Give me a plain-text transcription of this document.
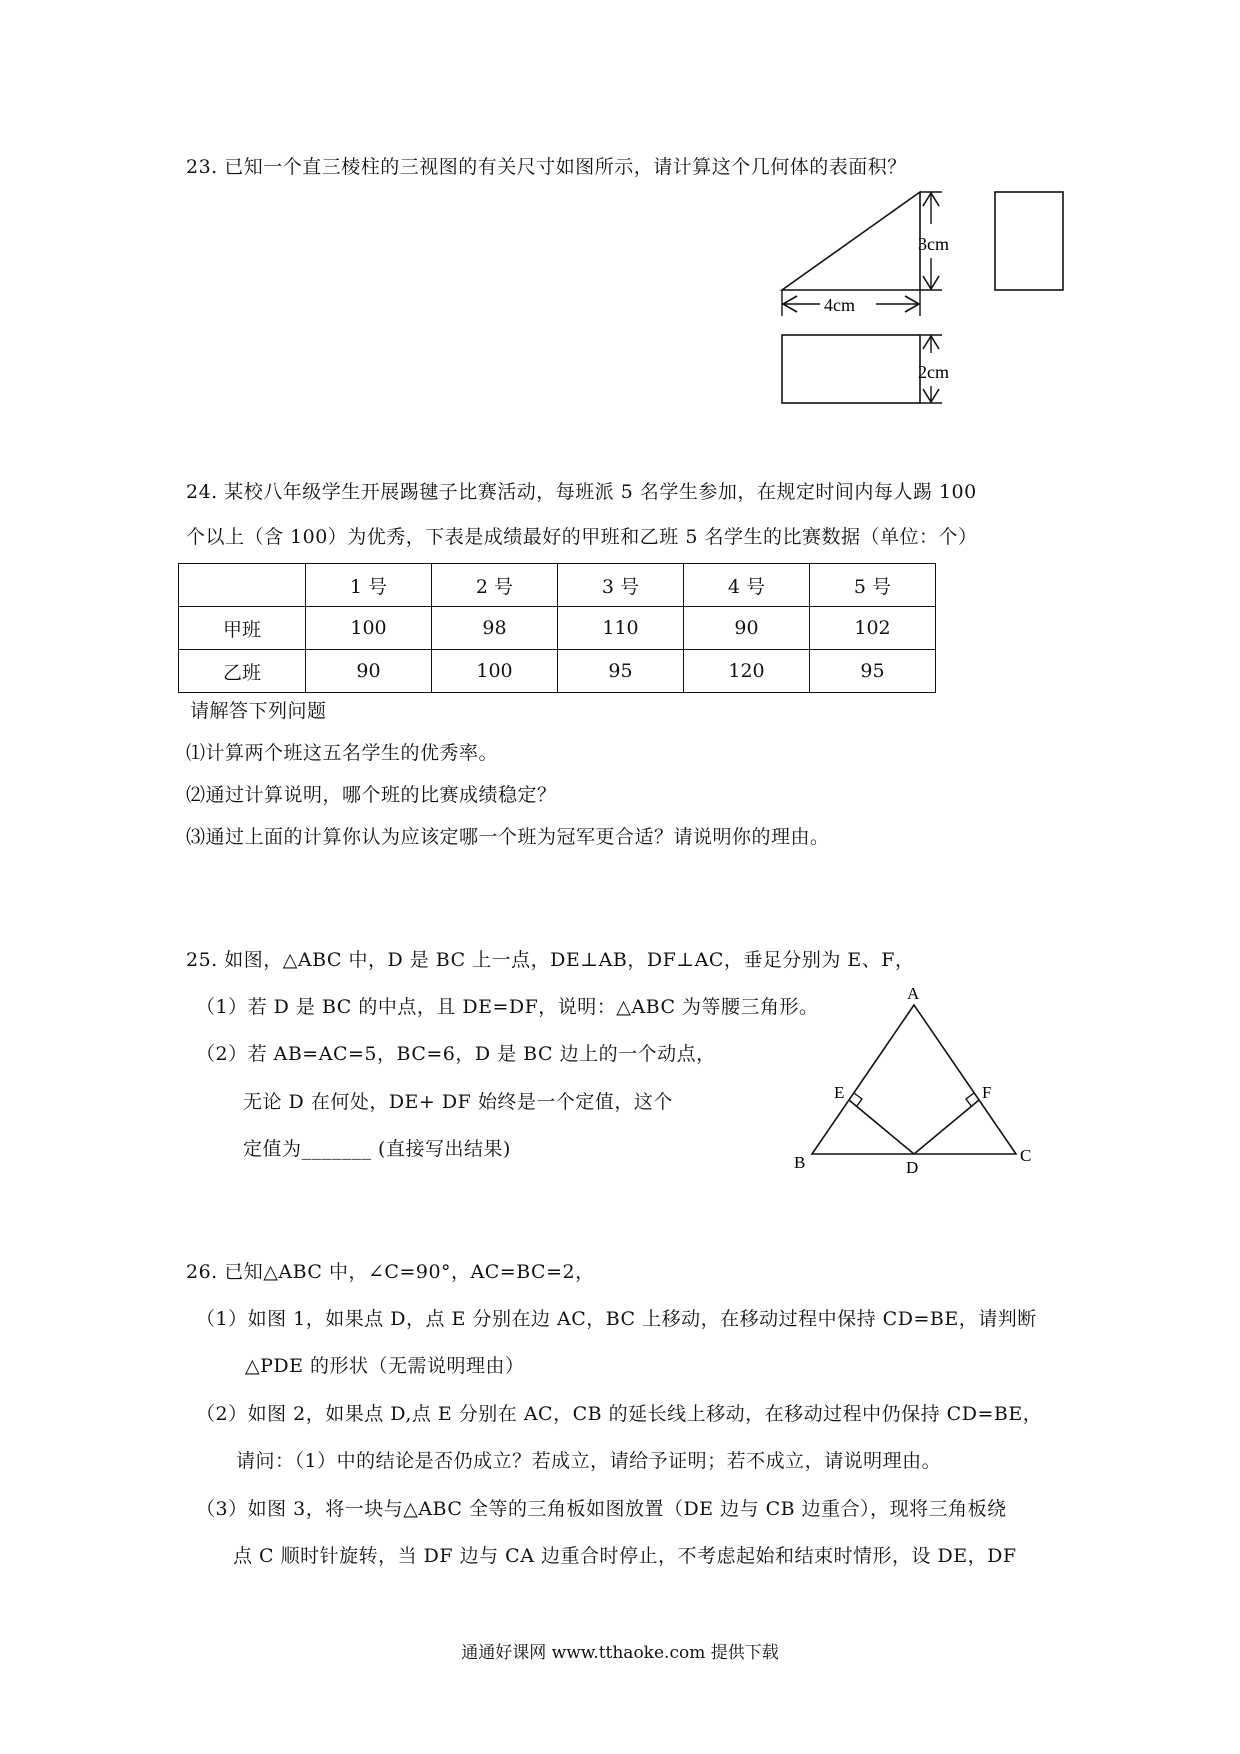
23. 已知一个直三棱柱的三视图的有关尺寸如图所示，请计算这个几何体的表面积？
3cm
4cm
2cm
24. 某校八年级学生开展踢毽子比赛活动，每班派 5 名学生参加，在规定时间内每人踢 100
个以上（含 100）为优秀，下表是成绩最好的甲班和乙班 5 名学生的比赛数据（单位：个）
	1 号	2 号	3 号	4 号	5 号
甲班	100	98	110	90	102
乙班	90	100	95	120	95
请解答下列问题
⑴计算两个班这五名学生的优秀率。
⑵通过计算说明，哪个班的比赛成绩稳定？
⑶通过上面的计算你认为应该定哪一个班为冠军更合适？请说明你的理由。
25. 如图，△ABC 中，D 是 BC 上一点，DE⊥AB，DF⊥AC，垂足分别为 E、F，
（1）若 D 是 BC 的中点，且 DE=DF，说明：△ABC 为等腰三角形。
（2）若 AB=AC=5，BC=6，D 是 BC 边上的一个动点，
无论 D 在何处，DE+ DF 始终是一个定值，这个
定值为_______ (直接写出结果)
A
B	C
D
E	F
26. 已知△ABC 中，∠C=90°，AC=BC=2，
（1）如图 1，如果点 D，点 E 分别在边 AC，BC 上移动，在移动过程中保持 CD=BE，请判断
△PDE 的形状（无需说明理由）
（2）如图 2，如果点 D,点 E 分别在 AC，CB 的延长线上移动，在移动过程中仍保持 CD=BE，
请问：（1）中的结论是否仍成立？若成立，请给予证明；若不成立，请说明理由。
（3）如图 3，将一块与△ABC 全等的三角板如图放置（DE 边与 CB 边重合），现将三角板绕
点 C 顺时针旋转，当 DF 边与 CA 边重合时停止，不考虑起始和结束时情形，设 DE，DF
通通好课网 www.tthaoke.com 提供下载
